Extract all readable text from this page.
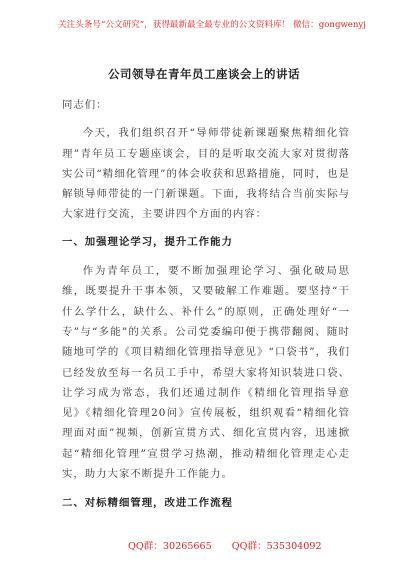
关注头条号“公文研究”，获得最新最全最专业的公文资料库！ 微信：gongwenyj
公司领导在青年员工座谈会上的讲话

同志们：

今天，我们组织召开“导师带徒新课题聚焦精细化管理”青年员工专题座谈会，目的是听取交流大家对贯彻落实公司“精细化管理”的体会收获和思路措施，同时，也是解锁导师带徒的一门新课题。下面，我将结合当前实际与大家进行交流，主要讲四个方面的内容：

一、加强理论学习，提升工作能力

作为青年员工，要不断加强理论学习、强化破局思维，既要提升干事本领，又要破解工作难题。要坚持“干什么学什么，缺什么、补什么”的原则，正确处理好“一专”与“多能”的关系。公司党委编印便于携带翻阅、随时随地可学的《项目精细化管理指导意见》“口袋书”，我们已经发放至每一名员工手中，希望大家将知识装进口袋、让学习成为常态，我们还通过制作《精细化管理指导意见》《精细化管理20问》宣传展板，组织观看“精细化管理面对面”视频，创新宣贯方式、细化宣贯内容，迅速掀起“精细化管理”宣贯学习热潮，推动精细化管理走心走实，助力大家不断提升工作能力。

二、对标精细管理，改进工作流程
QQ群：30265665 QQ群：535304092
